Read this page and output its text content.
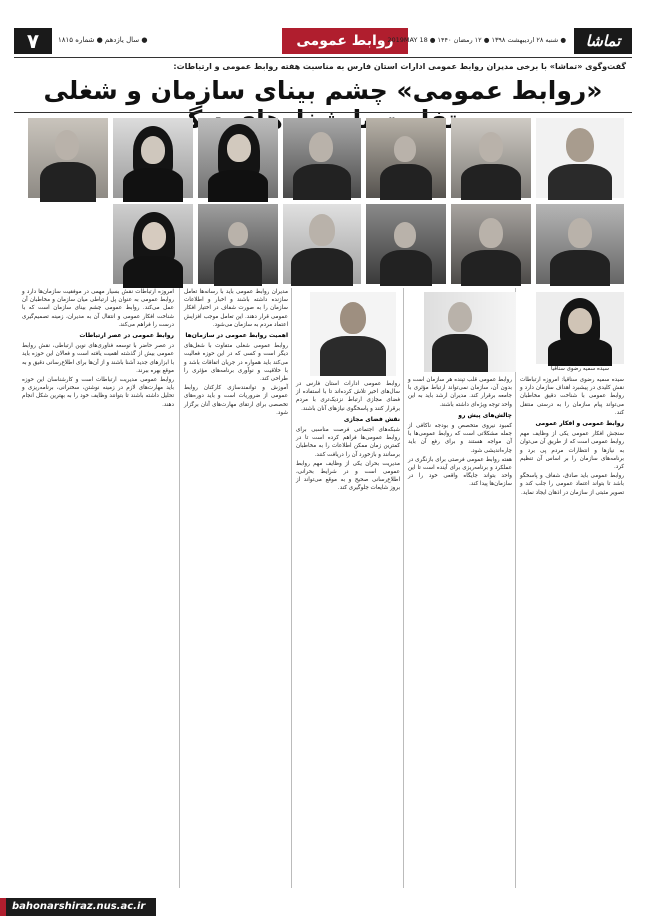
۷	● سال یازدهم ● شماره ۱۸۱۵	روابط عمومی
● شنبه ۲۸ اردیبهشت ۱۳۹۸ ● ۱۲ رمضان ۱۴۴۰ ● 2019MAY 18	تماشا
گفت‌وگوی «تماشا» با برخی مدیران روابط عمومی ادارات استان فارس به مناسبت هفته روابط عمومی و ارتباطات:
«روابط عمومی» چشم بینای سازمان و شغلی با

سیده سمیه رضوی سناقیا: امروزه ارتباطات نقش کلیدی در پیشبرد اهداف سازمان دارد و روابط عمومی با شناخت دقیق مخاطبان می‌تواند پیام سازمان را به درستی منتقل کند.

روابط عمومی و افکار عمومی

سنجش افکار عمومی یکی از وظایف مهم روابط عمومی است که از طریق آن می‌توان به نیازها و انتظارات مردم پی برد و برنامه‌های سازمان را بر اساس آن تنظیم کرد.

روابط عمومی باید صادق، شفاف و پاسخگو باشد تا بتواند اعتماد عمومی را جلب کند و تصویر مثبتی از سازمان در اذهان ایجاد نماید.

روابط عمومی قلب تپنده هر سازمان است و بدون آن، سازمان نمی‌تواند ارتباط مؤثری با جامعه برقرار کند. مدیران ارشد باید به این واحد توجه ویژه‌ای داشته باشند.

چالش‌های پیش رو

کمبود نیروی متخصص و بودجه ناکافی از جمله مشکلاتی است که روابط عمومی‌ها با آن مواجه هستند و برای رفع آن باید چاره‌اندیشی شود.

هفته روابط عمومی فرصتی برای بازنگری در عملکرد و برنامه‌ریزی برای آینده است تا این واحد بتواند جایگاه واقعی خود را در سازمان‌ها پیدا کند.

روابط عمومی ادارات استان فارس در سال‌های اخیر تلاش کرده‌اند تا با استفاده از فضای مجازی ارتباط نزدیک‌تری با مردم برقرار کنند و پاسخگوی نیازهای آنان باشند.

نقش فضای مجازی

شبکه‌های اجتماعی فرصت مناسبی برای روابط عمومی‌ها فراهم کرده است تا در کمترین زمان ممکن اطلاعات را به مخاطبان برسانند و بازخورد آن را دریافت کنند.

مدیریت بحران یکی از وظایف مهم روابط عمومی است و در شرایط بحرانی، اطلاع‌رسانی صحیح و به موقع می‌تواند از بروز شایعات جلوگیری کند.

مدیران روابط عمومی باید با رسانه‌ها تعامل سازنده داشته باشند و اخبار و اطلاعات سازمان را به صورت شفاف در اختیار افکار عمومی قرار دهند. این تعامل موجب افزایش اعتماد مردم به سازمان می‌شود.

اهمیت روابط عمومی در سازمان‌ها

روابط عمومی شغلی متفاوت با شغل‌های دیگر است و کسی که در این حوزه فعالیت می‌کند باید همواره در جریان اتفاقات باشد و با خلاقیت و نوآوری برنامه‌های مؤثری را طراحی کند.

آموزش و توانمندسازی کارکنان روابط عمومی از ضروریات است و باید دوره‌های تخصصی برای ارتقای مهارت‌های آنان برگزار شود.

امروزه ارتباطات نقش بسیار مهمی در موفقیت سازمان‌ها دارد و روابط عمومی به عنوان پل ارتباطی میان سازمان و مخاطبان آن عمل می‌کند. روابط عمومی چشم بینای سازمان است که با شناخت افکار عمومی و انتقال آن به مدیران، زمینه تصمیم‌گیری درست را فراهم می‌کند.

روابط عمومی در عصر ارتباطات

در عصر حاضر با توسعه فناوری‌های نوین ارتباطی، نقش روابط عمومی بیش از گذشته اهمیت یافته است و فعالان این حوزه باید با ابزارهای جدید آشنا باشند و از آن‌ها برای اطلاع‌رسانی دقیق و به موقع بهره ببرند.

روابط عمومی مدیریت ارتباطات است و کارشناسان این حوزه باید مهارت‌های لازم در زمینه نوشتن، سخنرانی، برنامه‌ریزی و تحلیل داشته باشند تا بتوانند وظایف خود را به بهترین شکل انجام دهند.

سیده سمیه رضوی سناقیا
bahonarshiraz.nus.ac.ir
